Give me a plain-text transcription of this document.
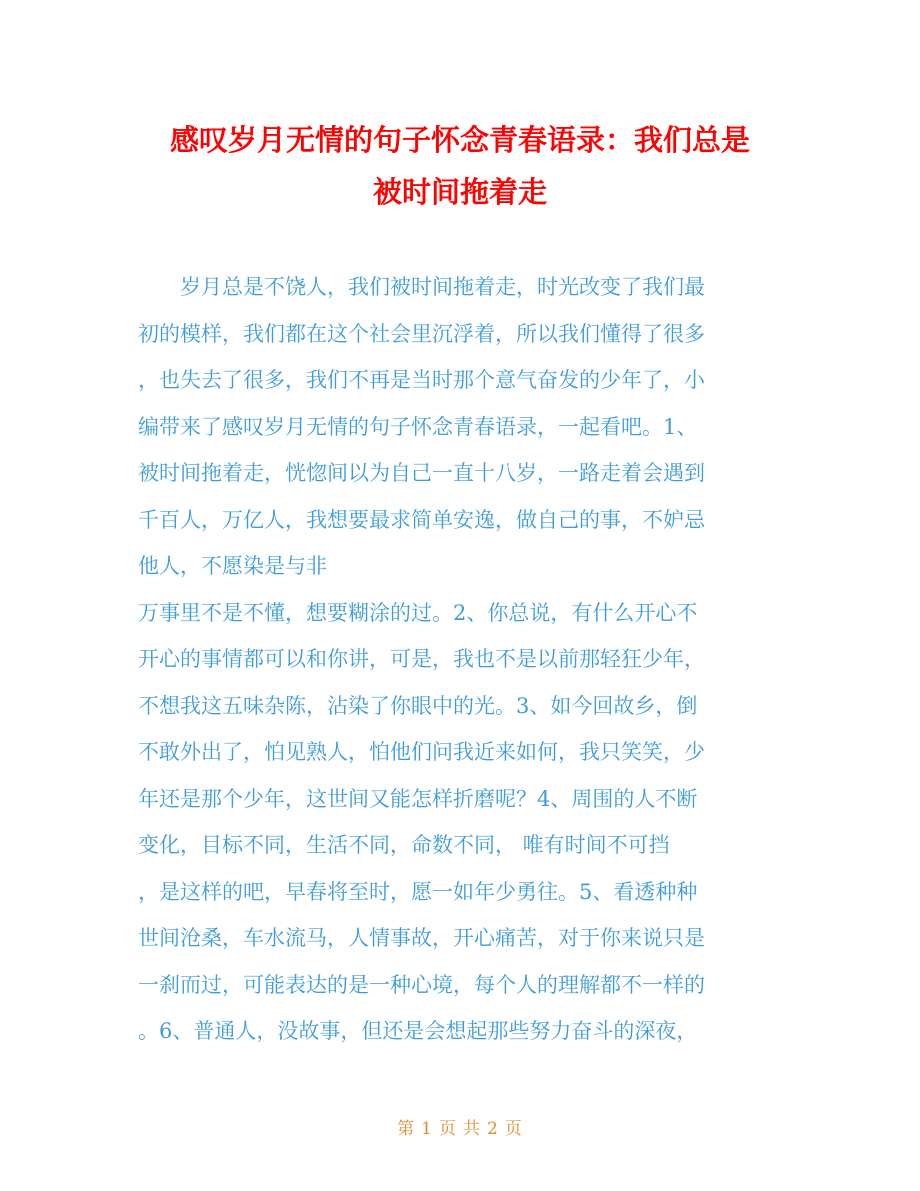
感叹岁月无情的句子怀念青春语录：我们总是
被时间拖着走
岁月总是不饶人，我们被时间拖着走，时光改变了我们最
初的模样，我们都在这个社会里沉浮着，所以我们懂得了很多
，也失去了很多，我们不再是当时那个意气奋发的少年了，小
编带来了感叹岁月无情的句子怀念青春语录，一起看吧。1、
被时间拖着走，恍惚间以为自己一直十八岁，一路走着会遇到
千百人，万亿人，我想要最求简单安逸，做自己的事，不妒忌
他人，不愿染是与非
万事里不是不懂，想要糊涂的过。2、你总说，有什么开心不
开心的事情都可以和你讲，可是，我也不是以前那轻狂少年，
不想我这五味杂陈，沾染了你眼中的光。3、如今回故乡，倒
不敢外出了，怕见熟人，怕他们问我近来如何，我只笑笑，少
年还是那个少年，这世间又能怎样折磨呢？4、周围的人不断
变化，目标不同，生活不同，命数不同， 唯有时间不可挡
，是这样的吧，早春将至时，愿一如年少勇往。5、看透种种
世间沧桑，车水流马，人情事故，开心痛苦，对于你来说只是
一刹而过，可能表达的是一种心境，每个人的理解都不一样的
。6、普通人，没故事，但还是会想起那些努力奋斗的深夜，
第 1 页 共 2 页
